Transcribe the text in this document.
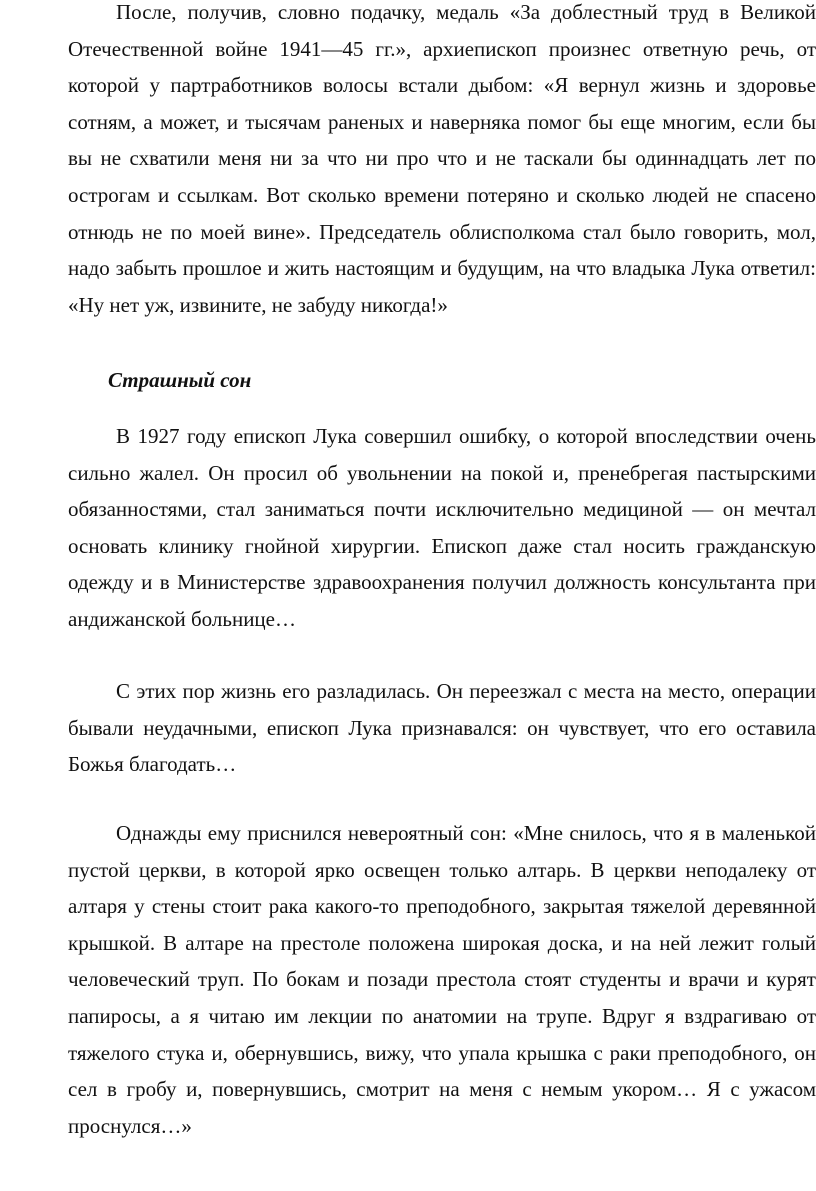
После, получив, словно подачку, медаль «За доблестный труд в Великой Отечественной войне 1941—45 гг.», архиепископ произнес ответную речь, от которой у партработников волосы встали дыбом: «Я вернул жизнь и здоровье сотням, а может, и тысячам раненых и наверняка помог бы еще многим, если бы вы не схватили меня ни за что ни про что и не таскали бы одиннадцать лет по острогам и ссылкам. Вот сколько времени потеряно и сколько людей не спасено отнюдь не по моей вине». Председатель облисполкома стал было говорить, мол, надо забыть прошлое и жить настоящим и будущим, на что владыка Лука ответил: «Ну нет уж, извините, не забуду никогда!»

Страшный сон

В 1927 году епископ Лука совершил ошибку, о которой впоследствии очень сильно жалел. Он просил об увольнении на покой и, пренебрегая пастырскими обязанностями, стал заниматься почти исключительно медициной — он мечтал основать клинику гнойной хирургии. Епископ даже стал носить гражданскую одежду и в Министерстве здравоохранения получил должность консультанта при андижанской больнице…

С этих пор жизнь его разладилась. Он переезжал с места на место, операции бывали неудачными, епископ Лука признавался: он чувствует, что его оставила Божья благодать…

Однажды ему приснился невероятный сон: «Мне снилось, что я в маленькой пустой церкви, в которой ярко освещен только алтарь. В церкви неподалеку от алтаря у стены стоит рака какого-то преподобного, закрытая тяжелой деревянной крышкой. В алтаре на престоле положена широкая доска, и на ней лежит голый человеческий труп. По бокам и позади престола стоят студенты и врачи и курят папиросы, а я читаю им лекции по анатомии на трупе. Вдруг я вздрагиваю от тяжелого стука и, обернувшись, вижу, что упала крышка с раки преподобного, он сел в гробу и, повернувшись, смотрит на меня с немым укором… Я с ужасом проснулся…»
